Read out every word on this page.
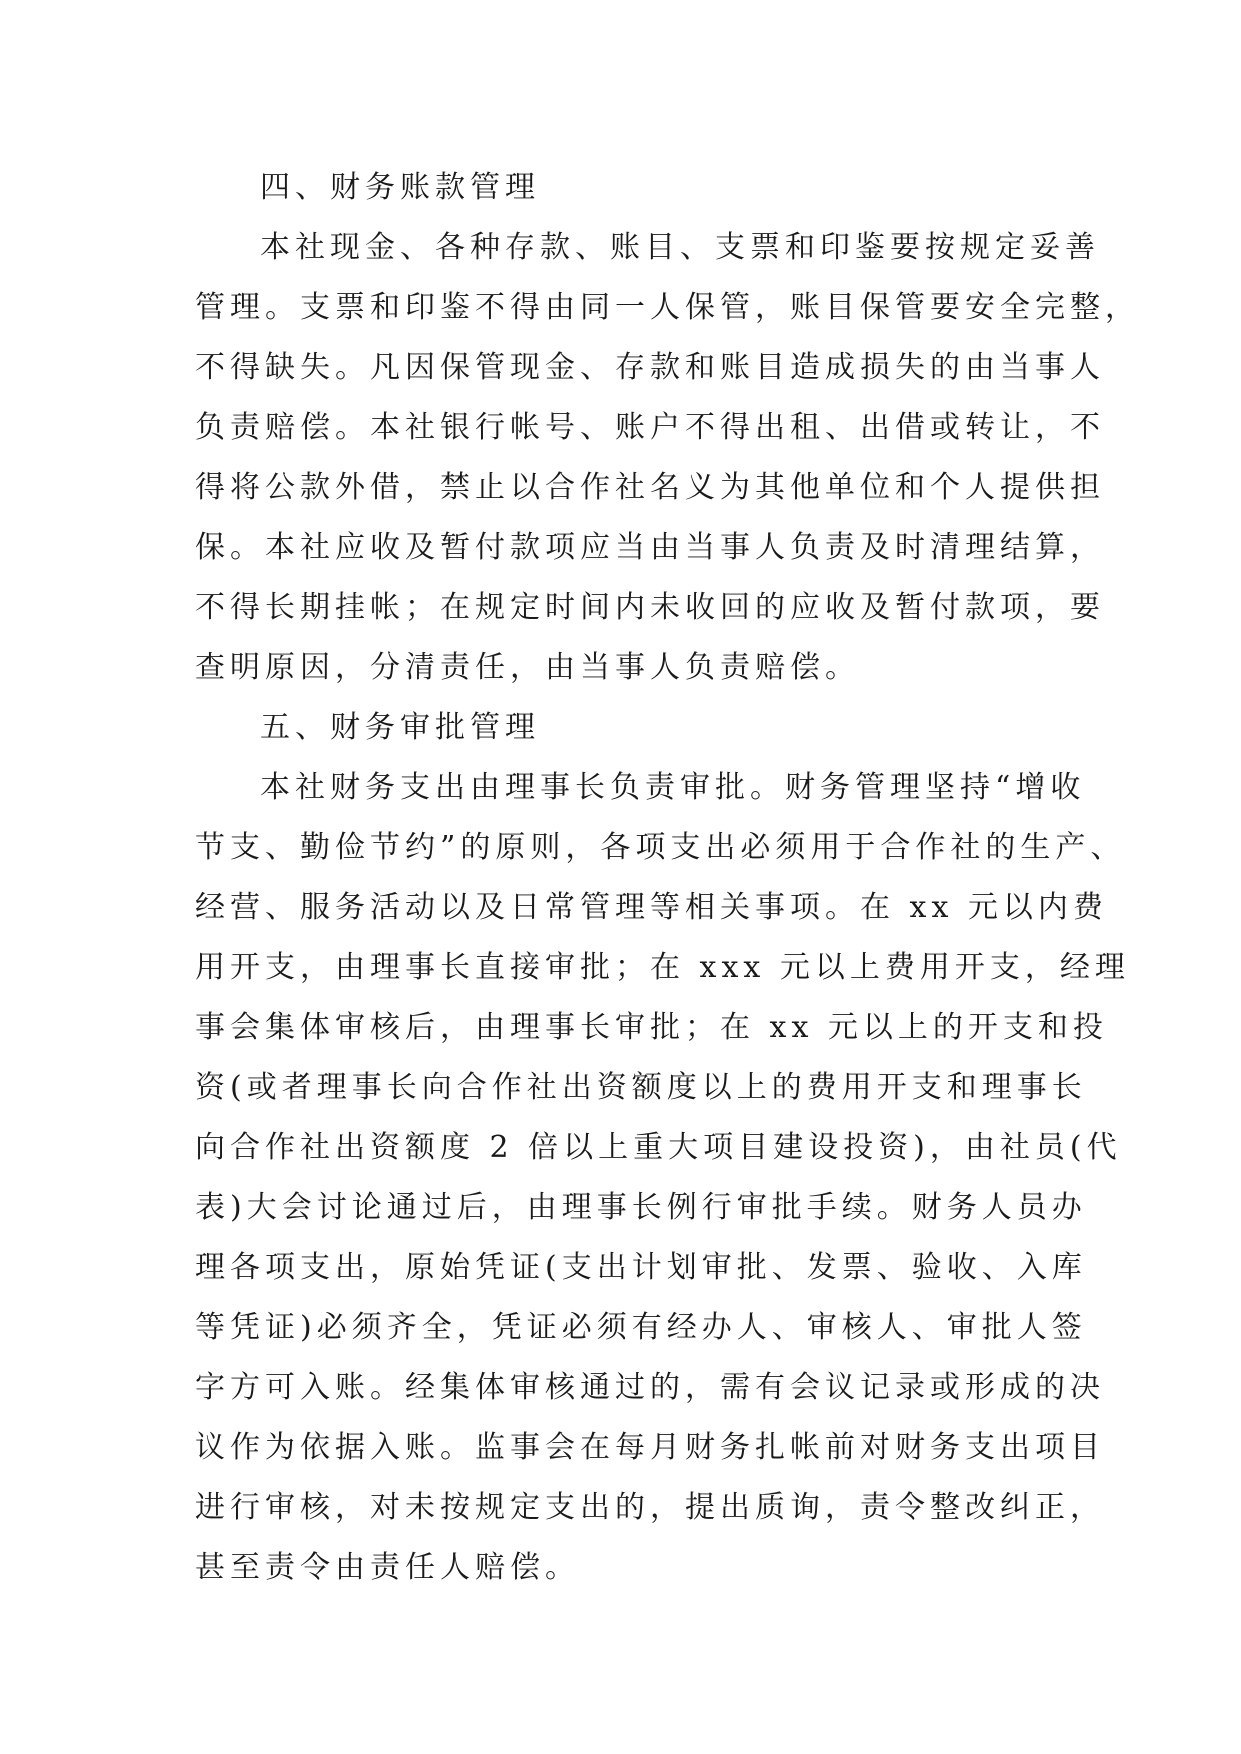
四、财务账款管理
本社现金、各种存款、账目、支票和印鉴要按规定妥善
管理。支票和印鉴不得由同一人保管，账目保管要安全完整，
不得缺失。凡因保管现金、存款和账目造成损失的由当事人
负责赔偿。本社银行帐号、账户不得出租、出借或转让，不
得将公款外借，禁止以合作社名义为其他单位和个人提供担
保。本社应收及暂付款项应当由当事人负责及时清理结算，
不得长期挂帐；在规定时间内未收回的应收及暂付款项，要
查明原因，分清责任，由当事人负责赔偿。
五、财务审批管理
本社财务支出由理事长负责审批。财务管理坚持“增收
节支、勤俭节约”的原则，各项支出必须用于合作社的生产、
经营、服务活动以及日常管理等相关事项。在 xx 元以内费
用开支，由理事长直接审批；在 xxx 元以上费用开支，经理
事会集体审核后，由理事长审批；在 xx 元以上的开支和投
资(或者理事长向合作社出资额度以上的费用开支和理事长
向合作社出资额度 2 倍以上重大项目建设投资)，由社员(代
表)大会讨论通过后，由理事长例行审批手续。财务人员办
理各项支出，原始凭证(支出计划审批、发票、验收、入库
等凭证)必须齐全，凭证必须有经办人、审核人、审批人签
字方可入账。经集体审核通过的，需有会议记录或形成的决
议作为依据入账。监事会在每月财务扎帐前对财务支出项目
进行审核，对未按规定支出的，提出质询，责令整改纠正，
甚至责令由责任人赔偿。
